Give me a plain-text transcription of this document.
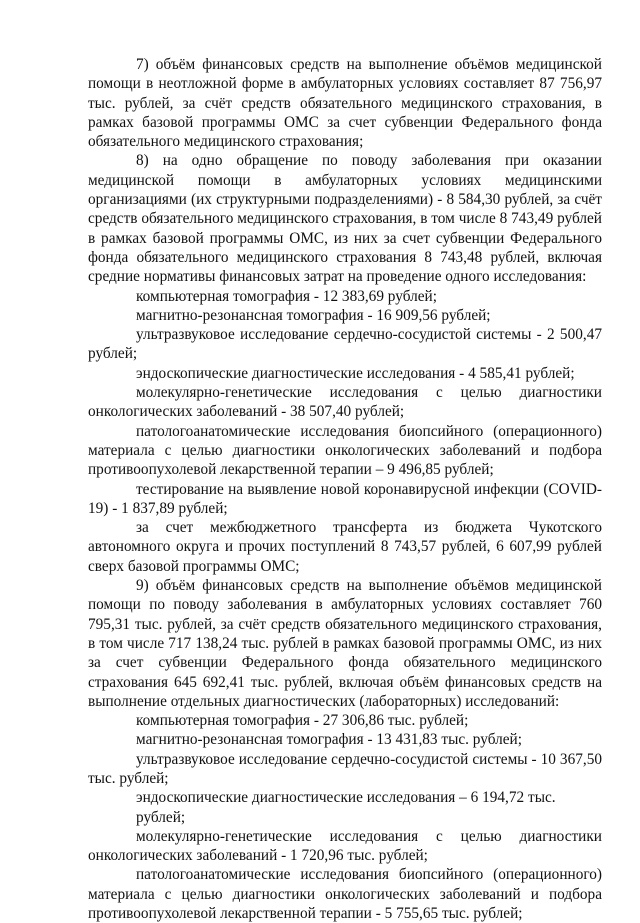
7) объём финансовых средств на выполнение объёмов медицинской помощи в неотложной форме в амбулаторных условиях составляет 87 756,97 тыс. рублей, за счёт средств обязательного медицинского страхования, в рамках базовой программы ОМС за счет субвенции Федерального фонда обязательного медицинского страхования;

8) на одно обращение по поводу заболевания при оказании медицинской помощи в амбулаторных условиях медицинскими организациями (их структурными подразделениями) - 8 584,30 рублей, за счёт средств обязательного медицинского страхования, в том числе 8 743,49 рублей в рамках базовой программы ОМС, из них за счет субвенции Федерального фонда обязательного медицинского страхования 8 743,48 рублей, включая средние нормативы финансовых затрат на проведение одного исследования:

компьютерная томография - 12 383,69 рублей;

магнитно-резонансная томография - 16 909,56 рублей;

ультразвуковое исследование сердечно-сосудистой системы - 2 500,47 рублей;

эндоскопические диагностические исследования - 4 585,41 рублей;

молекулярно-генетические исследования с целью диагностики онкологических заболеваний - 38 507,40 рублей;

патологоанатомические исследования биопсийного (операционного) материала с целью диагностики онкологических заболеваний и подбора противоопухолевой лекарственной терапии – 9 496,85 рублей;

тестирование на выявление новой коронавирусной инфекции (COVID-19) - 1 837,89 рублей;

за счет межбюджетного трансферта из бюджета Чукотского автономного округа и прочих поступлений 8 743,57 рублей, 6 607,99 рублей сверх базовой программы ОМС;

9) объём финансовых средств на выполнение объёмов медицинской помощи по поводу заболевания в амбулаторных условиях составляет 760 795,31 тыс. рублей, за счёт средств обязательного медицинского страхования, в том числе 717 138,24 тыс. рублей в рамках базовой программы ОМС, из них за счет субвенции Федерального фонда обязательного медицинского страхования 645 692,41 тыс. рублей, включая объём финансовых средств на выполнение отдельных диагностических (лабораторных) исследований:

компьютерная томография - 27 306,86 тыс. рублей;

магнитно-резонансная томография - 13 431,83 тыс. рублей;

ультразвуковое исследование сердечно-сосудистой системы - 10 367,50 тыс. рублей;

эндоскопические диагностические исследования – 6 194,72 тыс. рублей;

молекулярно-генетические исследования с целью диагностики онкологических заболеваний - 1 720,96 тыс. рублей;

патологоанатомические исследования биопсийного (операционного) материала с целью диагностики онкологических заболеваний и подбора противоопухолевой лекарственной терапии - 5 755,65 тыс. рублей;
